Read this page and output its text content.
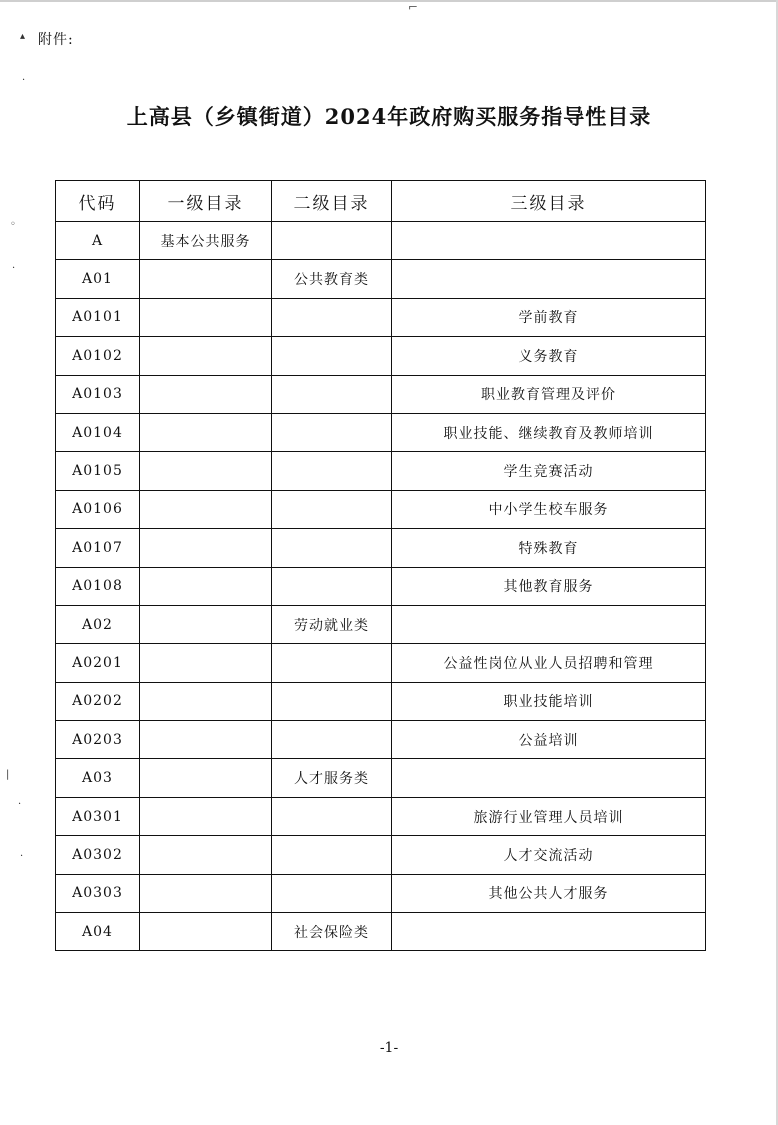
⌐
▴
·
◦
·
|
·
·
附件:
上高县（乡镇街道）2024年政府购买服务指导性目录
代码	一级目录	二级目录	三级目录
A	基本公共服务		
A01		公共教育类	
A0101			学前教育
A0102			义务教育
A0103			职业教育管理及评价
A0104			职业技能、继续教育及教师培训
A0105			学生竞赛活动
A0106			中小学生校车服务
A0107			特殊教育
A0108			其他教育服务
A02		劳动就业类	
A0201			公益性岗位从业人员招聘和管理
A0202			职业技能培训
A0203			公益培训
A03		人才服务类	
A0301			旅游行业管理人员培训
A0302			人才交流活动
A0303			其他公共人才服务
A04		社会保险类	
-1-
